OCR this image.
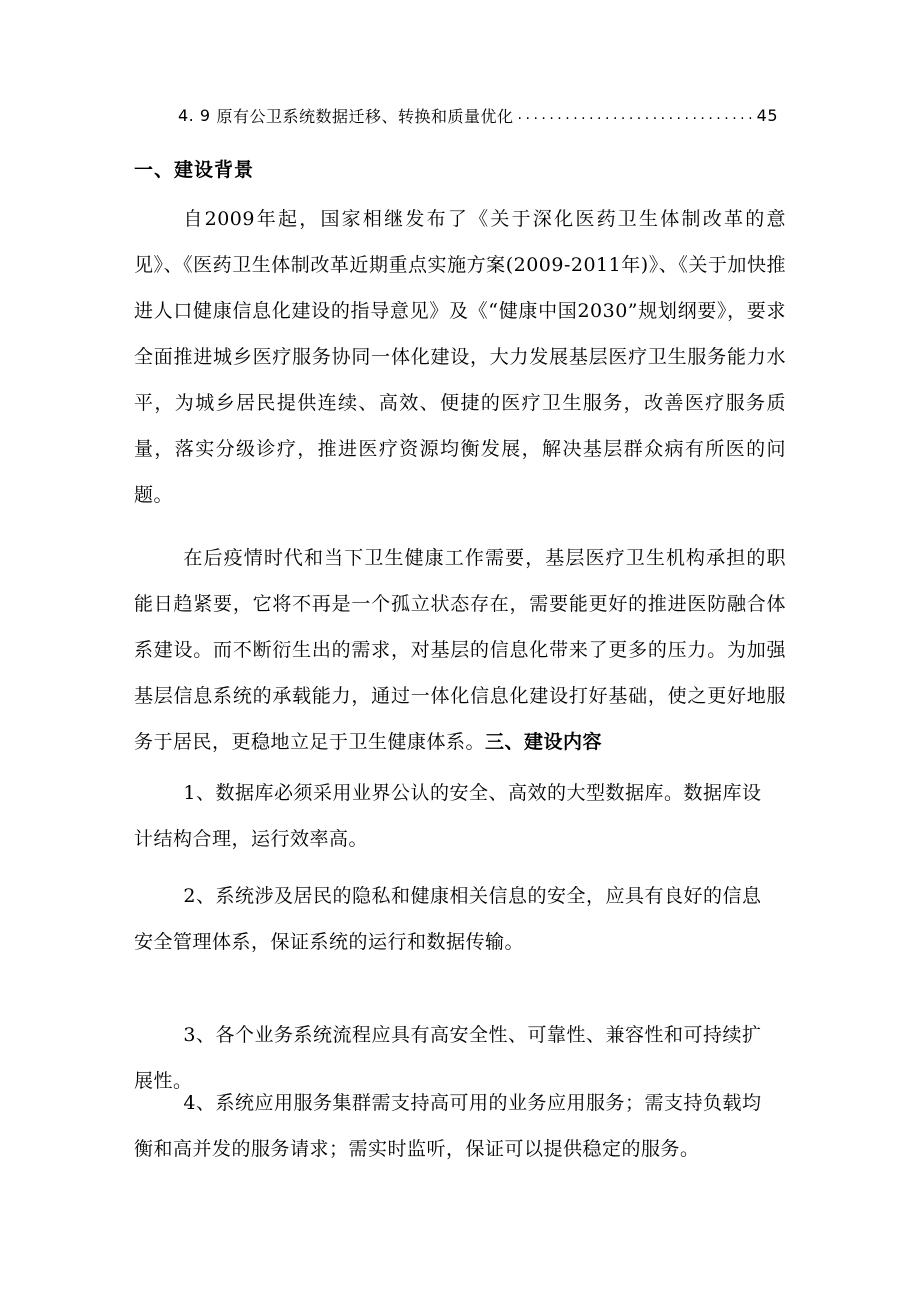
4. 9 原有公卫系统数据迁移、转换和质量优化
.....	45
一、建设背景

自2009年起，国家相继发布了《关于深化医药卫生体制改革的意见》、《医药卫生体制改革近期重点实施方案(2009-2011年)》、《关于加快推进人口健康信息化建设的指导意见》及《“健康中国2030”规划纲要》，要求全面推进城乡医疗服务协同一体化建设，大力发展基层医疗卫生服务能力水平，为城乡居民提供连续、高效、便捷的医疗卫生服务，改善医疗服务质量，落实分级诊疗，推进医疗资源均衡发展，解决基层群众病有所医的问题。

在后疫情时代和当下卫生健康工作需要，基层医疗卫生机构承担的职能日趋紧要，它将不再是一个孤立状态存在，需要能更好的推进医防融合体系建设。而不断衍生出的需求，对基层的信息化带来了更多的压力。为加强基层信息系统的承载能力，通过一体化信息化建设打好基础，使之更好地服务于居民，更稳地立足于卫生健康体系。三、建设内容

1、数据库必须采用业界公认的安全、高效的大型数据库。数据库设

计结构合理，运行效率高。

2、系统涉及居民的隐私和健康相关信息的安全，应具有良好的信息

安全管理体系，保证系统的运行和数据传输。

3、各个业务系统流程应具有高安全性、可靠性、兼容性和可持续扩

展性。

4、系统应用服务集群需支持高可用的业务应用服务；需支持负载均

衡和高并发的服务请求；需实时监听，保证可以提供稳定的服务。
